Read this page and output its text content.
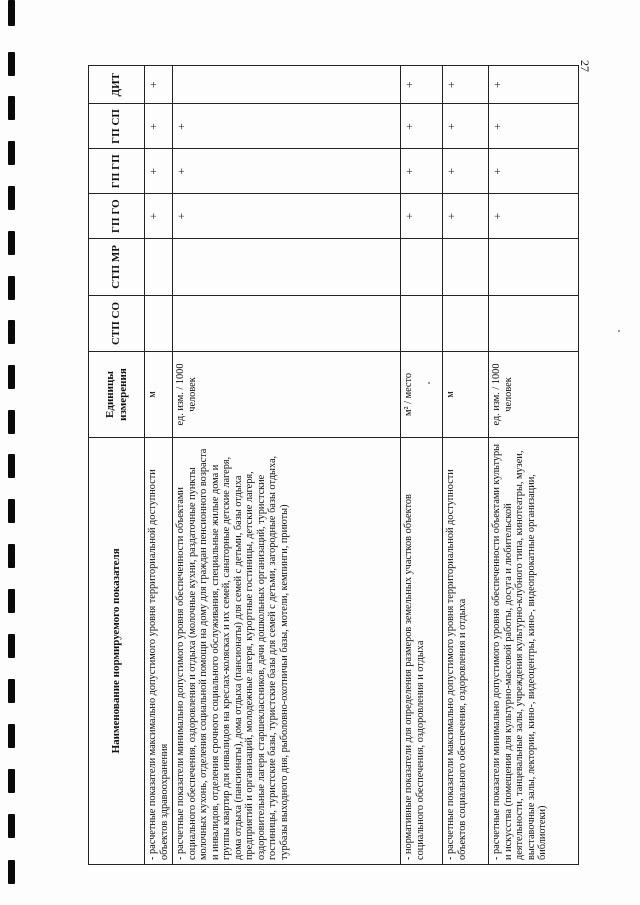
27
Наименование нормируемого показателя	Единицы измерения	СТП СО	СТП МР	ГП ГО	ГП ГП	ГП СП	ДИТ
- расчетные показатели максимально допустимого уровня территориальной доступности объектов здравоохранения	м			+	+	+	+
- расчетные показатели минимально допустимого уровня обеспеченности объектами социального обеспечения, оздоровления и отдыха (молочные кухни, раздаточные пункты молочных кухонь, отделения социальной помощи на дому для граждан пенсионного возраста и инвалидов, отделения срочного социального обслуживания, специальные жилые дома и группы квартир для инвалидов на креслах-колясках и их семей, санаторные детские лагеря, дома отдыха (пансионаты), дома отдыха (пансионаты) для семей с детьми, базы отдыха предприятий и организаций, молодежные лагеря, курортные гостиницы, детские лагеря, оздоровительные лагеря старшеклассников, дачи дошкольных организаций, туристские гостиницы, туристские базы, туристские базы для семей с детьми, загородные базы отдыха, турбазы выходного дня, рыболовно-охотничьи базы, мотели, кемпинги, приюты)	ед. изм. / 1000 человек			+	+	+	
- нормативные показатели для определения размеров земельных участков объектов социального обеспечения, оздоровления и отдыха	м² / место			+	+	+	+
- расчетные показатели максимально допустимого уровня территориальной доступности объектов социального обеспечения, оздоровления и отдыха	м			+	+	+	+
- расчетные показатели минимально допустимого уровня обеспеченности объектами культуры и искусства (помещения для культурно-массовой работы, досуга и любительской деятельности, танцевальные залы, учреждения культурно-клубного типа, кинотеатры, музеи, выставочные залы, лектории, кино-, видеоцентры, кино-, видеопрокатные организации, библиотеки)	ед. изм. / 1000 человек			+	+	+	+
